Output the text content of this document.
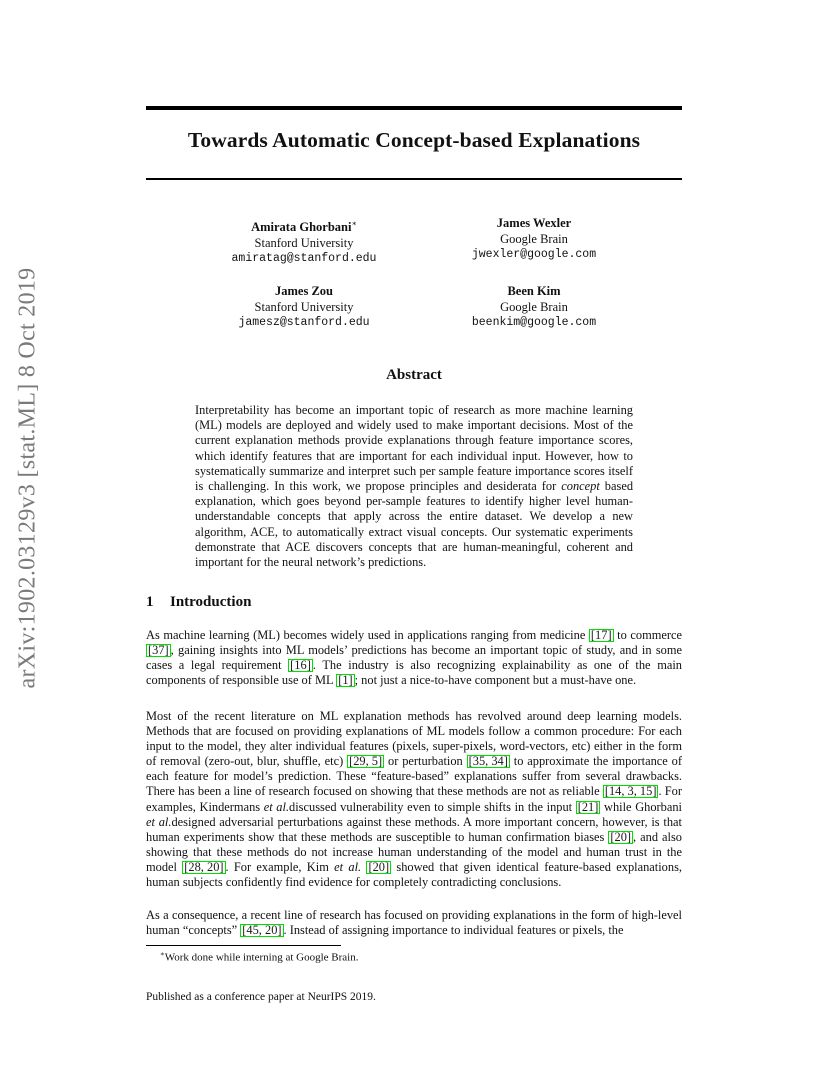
arXiv:1902.03129v3 [stat.ML] 8 Oct 2019
Towards Automatic Concept-based Explanations
Amirata Ghorbani∗
Stanford University
amiratag@stanford.edu
James Wexler
Google Brain
jwexler@google.com
James Zou
Stanford University
jamesz@stanford.edu
Been Kim
Google Brain
beenkim@google.com
Abstract
Interpretability has become an important topic of research as more machine learning (ML) models are deployed and widely used to make important decisions. Most of the current explanation methods provide explanations through feature importance scores, which identify features that are important for each individual input. However, how to systematically summarize and interpret such per sample feature importance scores itself is challenging. In this work, we propose principles and desiderata for concept based explanation, which goes beyond per-sample features to identify higher level human-understandable concepts that apply across the entire dataset. We develop a new algorithm, ACE, to automatically extract visual concepts. Our systematic experiments demonstrate that ACE discovers concepts that are human-meaningful, coherent and important for the neural network’s predictions.
1 Introduction

As machine learning (ML) becomes widely used in applications ranging from medicine [17] to commerce [37] , gaining insights into ML models’ predictions has become an important topic of study, and in some cases a legal requirement [16] . The industry is also recognizing explainability as one of the main components of responsible use of ML [1] ; not just a nice-to-have component but a must-have one.

Most of the recent literature on ML explanation methods has revolved around deep learning models. Methods that are focused on providing explanations of ML models follow a common procedure: For each input to the model, they alter individual features (pixels, super-pixels, word-vectors, etc) either in the form of removal (zero-out, blur, shuffle, etc) [29, 5] or perturbation [35, 34] to approximate the importance of each feature for model’s prediction. These “feature-based” explanations suffer from several drawbacks. There has been a line of research focused on showing that these methods are not as reliable [14, 3, 15] . For examples, Kindermans et al.discussed vulnerability even to simple shifts in the input [21] while Ghorbani et al.designed adversarial perturbations against these methods. A more important concern, however, is that human experiments show that these methods are susceptible to human confirmation biases [20] , and also showing that these methods do not increase human understanding of the model and human trust in the model [28, 20] . For example, Kim et al. [20] showed that given identical feature-based explanations, human subjects confidently find evidence for completely contradicting conclusions.

As a consequence, a recent line of research has focused on providing explanations in the form of high-level human “concepts” [45, 20] . Instead of assigning importance to individual features or pixels, the

∗Work done while interning at Google Brain.
Published as a conference paper at NeurIPS 2019.
